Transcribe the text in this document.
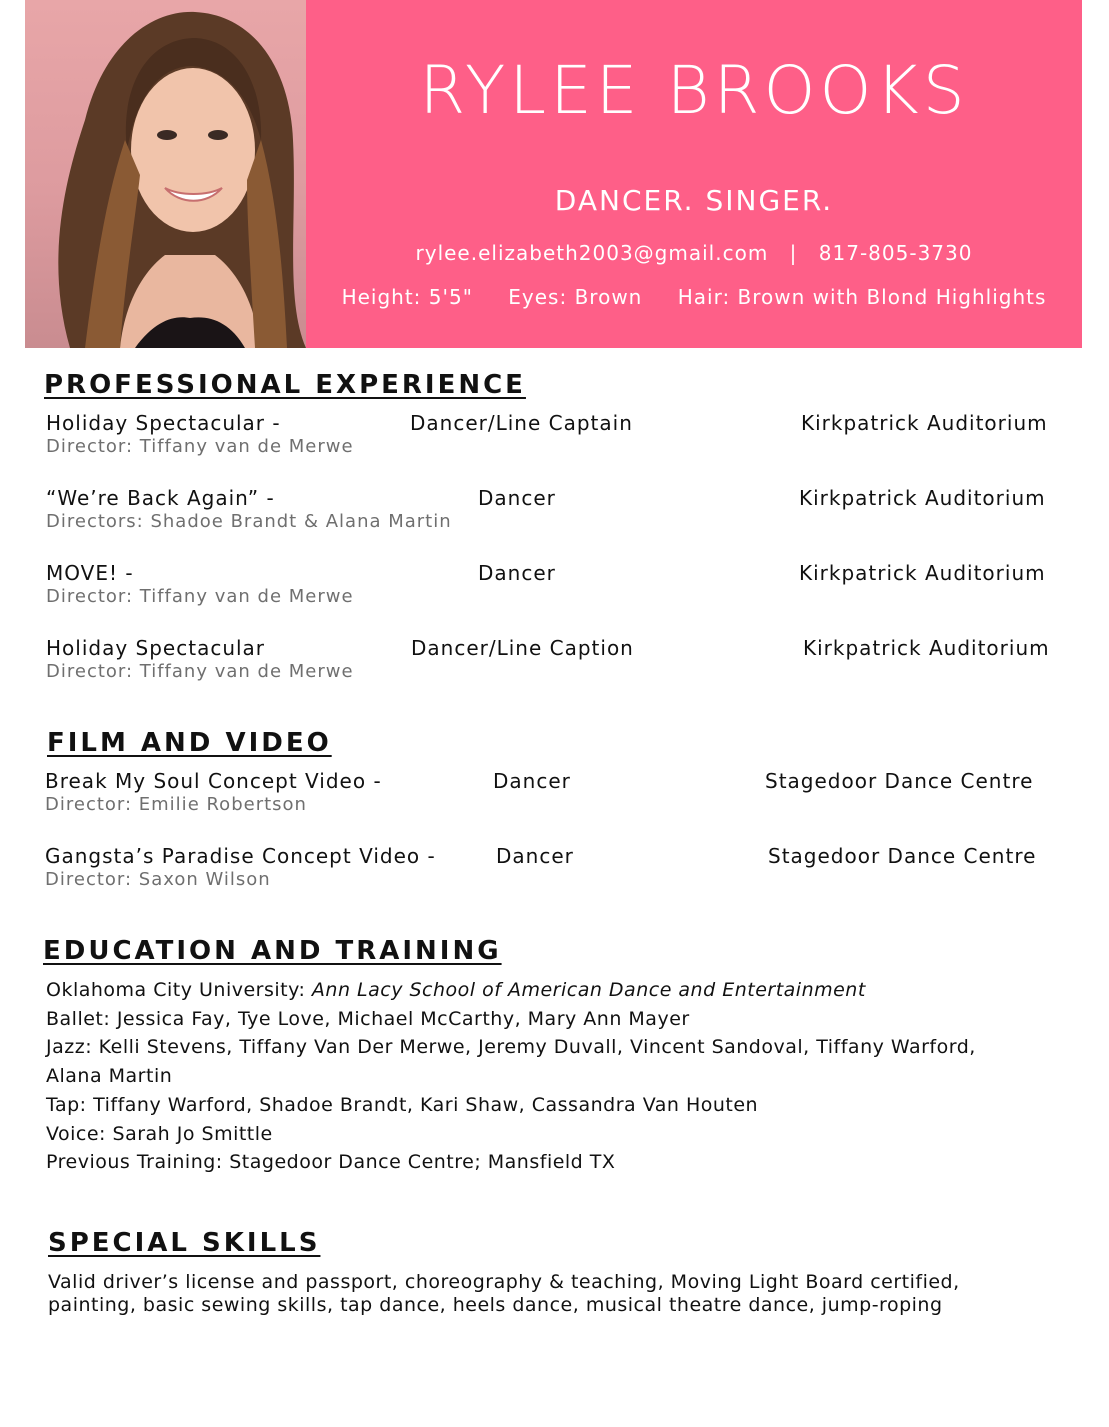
RYLEE BROOKS
DANCER. SINGER.
rylee.elizabeth2003@gmail.com | 817-805-3730
Height: 5'5" Eyes: Brown Hair: Brown with Blond Highlights
PROFESSIONAL EXPERIENCE
Holiday Spectacular -	Dancer/Line Captain	Kirkpatrick Auditorium
Director: Tiffany van de Merwe
“We’re Back Again” -	Dancer	Kirkpatrick Auditorium
Directors: Shadoe Brandt & Alana Martin
MOVE! -	Dancer	Kirkpatrick Auditorium
Director: Tiffany van de Merwe
Holiday Spectacular	Dancer/Line Caption	Kirkpatrick Auditorium
Director: Tiffany van de Merwe
FILM AND VIDEO
Break My Soul Concept Video -	Dancer	Stagedoor Dance Centre
Director: Emilie Robertson
Gangsta’s Paradise Concept Video -	Dancer	Stagedoor Dance Centre
Director: Saxon Wilson
EDUCATION AND TRAINING
Oklahoma City University: Ann Lacy School of American Dance and Entertainment
Ballet: Jessica Fay, Tye Love, Michael McCarthy, Mary Ann Mayer
Jazz: Kelli Stevens, Tiffany Van Der Merwe, Jeremy Duvall, Vincent Sandoval, Tiffany Warford,
Alana Martin
Tap: Tiffany Warford, Shadoe Brandt, Kari Shaw, Cassandra Van Houten
Voice: Sarah Jo Smittle
Previous Training: Stagedoor Dance Centre; Mansfield TX
SPECIAL SKILLS
Valid driver’s license and passport, choreography & teaching, Moving Light Board certified,
painting, basic sewing skills, tap dance, heels dance, musical theatre dance, jump-roping
